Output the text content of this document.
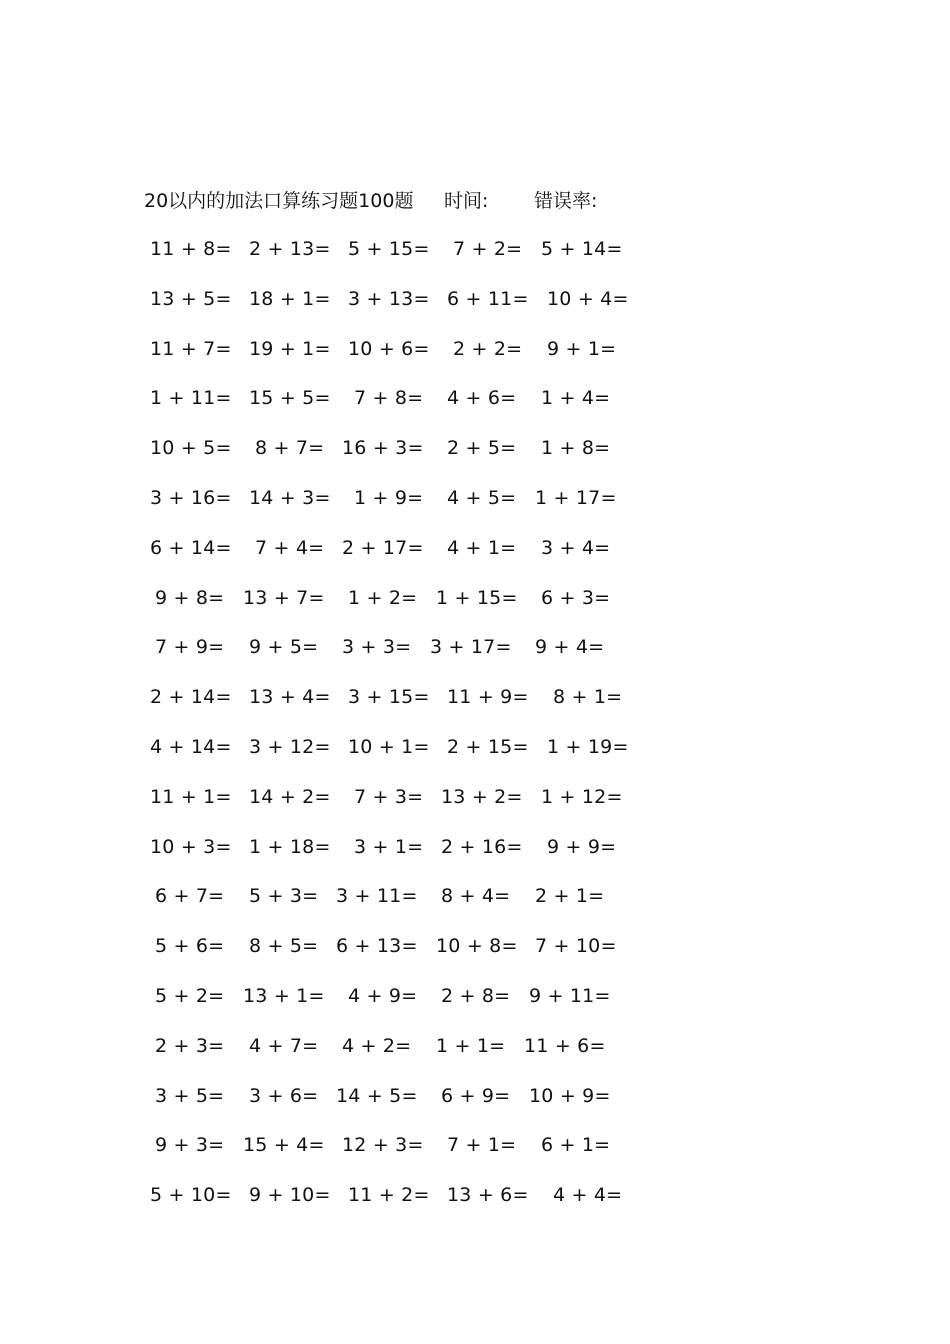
20以内的加法口算练习题100题 时间: 错误率:
11 + 8= 2 + 13= 5 + 15= 7 + 2= 5 + 14=
13 + 5= 18 + 1= 3 + 13= 6 + 11= 10 + 4=
11 + 7= 19 + 1= 10 + 6= 2 + 2= 9 + 1=
1 + 11= 15 + 5= 7 + 8= 4 + 6= 1 + 4=
10 + 5= 8 + 7= 16 + 3= 2 + 5= 1 + 8=
3 + 16= 14 + 3= 1 + 9= 4 + 5= 1 + 17=
6 + 14= 7 + 4= 2 + 17= 4 + 1= 3 + 4=
9 + 8= 13 + 7= 1 + 2= 1 + 15= 6 + 3=
7 + 9= 9 + 5= 3 + 3= 3 + 17= 9 + 4=
2 + 14= 13 + 4= 3 + 15= 11 + 9= 8 + 1=
4 + 14= 3 + 12= 10 + 1= 2 + 15= 1 + 19=
11 + 1= 14 + 2= 7 + 3= 13 + 2= 1 + 12=
10 + 3= 1 + 18= 3 + 1= 2 + 16= 9 + 9=
6 + 7= 5 + 3= 3 + 11= 8 + 4= 2 + 1=
5 + 6= 8 + 5= 6 + 13= 10 + 8= 7 + 10=
5 + 2= 13 + 1= 4 + 9= 2 + 8= 9 + 11=
2 + 3= 4 + 7= 4 + 2= 1 + 1= 11 + 6=
3 + 5= 3 + 6= 14 + 5= 6 + 9= 10 + 9=
9 + 3= 15 + 4= 12 + 3= 7 + 1= 6 + 1=
5 + 10= 9 + 10= 11 + 2= 13 + 6= 4 + 4=
